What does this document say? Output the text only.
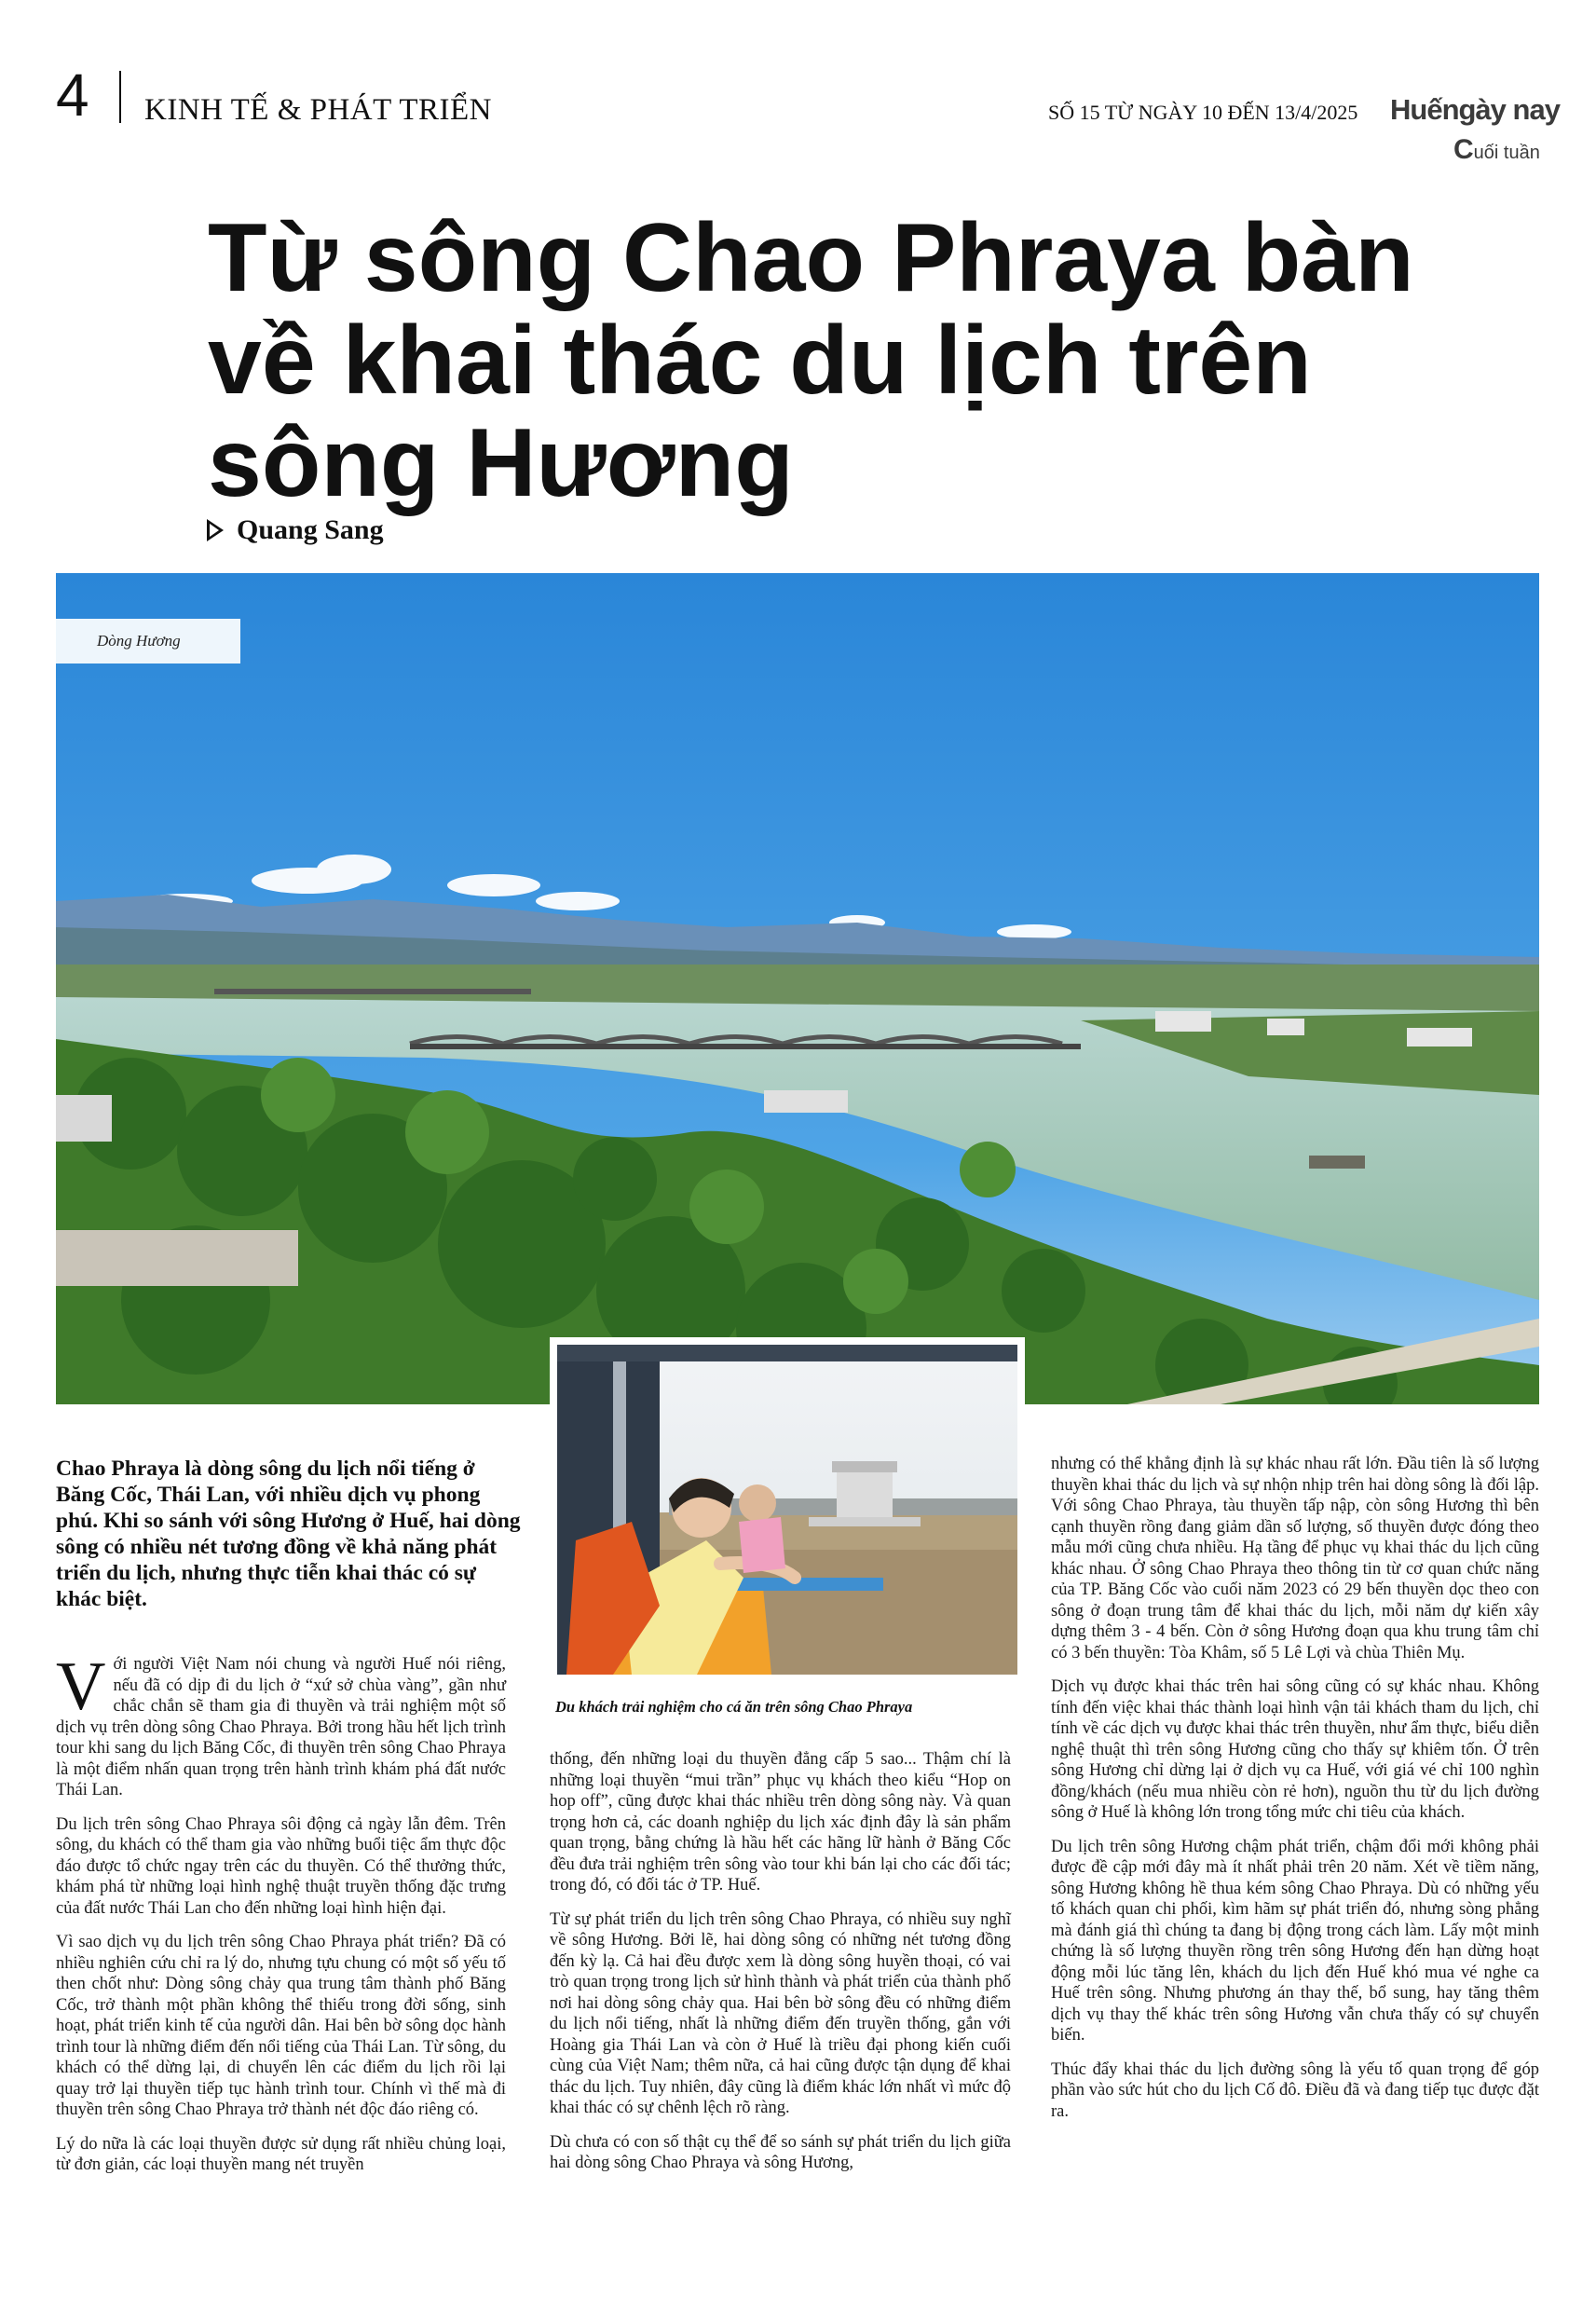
4 KINH TẾ & PHÁT TRIỂN	SỐ 15 TỪ NGÀY 10 ĐẾN 13/4/2025 Huếngày nay
Cuối tuần
Từ sông Chao Phraya bàn về khai thác du lịch trên sông Hương
Quang Sang
Dòng Hương
Du khách trải nghiệm cho cá ăn trên sông Chao Phraya
Chao Phraya là dòng sông du lịch nổi tiếng ở Băng Cốc, Thái Lan, với nhiều dịch vụ phong phú. Khi so sánh với sông Hương ở Huế, hai dòng sông có nhiều nét tương đồng về khả năng phát triển du lịch, nhưng thực tiễn khai thác có sự khác biệt.

Với người Việt Nam nói chung và người Huế nói riêng, nếu đã có dịp đi du lịch ở “xứ sở chùa vàng”, gần như chắc chắn sẽ tham gia đi thuyền và trải nghiệm một số dịch vụ trên dòng sông Chao Phraya. Bởi trong hầu hết lịch trình tour khi sang du lịch Băng Cốc, đi thuyền trên sông Chao Phraya là một điểm nhấn quan trọng trên hành trình khám phá đất nước Thái Lan.

Du lịch trên sông Chao Phraya sôi động cả ngày lẫn đêm. Trên sông, du khách có thể tham gia vào những buổi tiệc ẩm thực độc đáo được tổ chức ngay trên các du thuyền. Có thể thưởng thức, khám phá từ những loại hình nghệ thuật truyền thống đặc trưng của đất nước Thái Lan cho đến những loại hình hiện đại.

Vì sao dịch vụ du lịch trên sông Chao Phraya phát triển? Đã có nhiều nghiên cứu chỉ ra lý do, nhưng tựu chung có một số yếu tố then chốt như: Dòng sông chảy qua trung tâm thành phố Băng Cốc, trở thành một phần không thể thiếu trong đời sống, sinh hoạt, phát triển kinh tế của người dân. Hai bên bờ sông dọc hành trình tour là những điểm đến nổi tiếng của Thái Lan. Từ sông, du khách có thể dừng lại, di chuyển lên các điểm du lịch rồi lại quay trở lại thuyền tiếp tục hành trình tour. Chính vì thế mà đi thuyền trên sông Chao Phraya trở thành nét độc đáo riêng có.

Lý do nữa là các loại thuyền được sử dụng rất nhiều chủng loại, từ đơn giản, các loại thuyền mang nét truyền

thống, đến những loại du thuyền đẳng cấp 5 sao... Thậm chí là những loại thuyền “mui trần” phục vụ khách theo kiểu “Hop on hop off”, cũng được khai thác nhiều trên dòng sông này. Và quan trọng hơn cả, các doanh nghiệp du lịch xác định đây là sản phẩm quan trọng, bằng chứng là hầu hết các hãng lữ hành ở Băng Cốc đều đưa trải nghiệm trên sông vào tour khi bán lại cho các đối tác; trong đó, có đối tác ở TP. Huế.

Từ sự phát triển du lịch trên sông Chao Phraya, có nhiều suy nghĩ về sông Hương. Bởi lẽ, hai dòng sông có những nét tương đồng đến kỳ lạ. Cả hai đều được xem là dòng sông huyền thoại, có vai trò quan trọng trong lịch sử hình thành và phát triển của thành phố nơi hai dòng sông chảy qua. Hai bên bờ sông đều có những điểm du lịch nổi tiếng, nhất là những điểm đến truyền thống, gắn với Hoàng gia Thái Lan và còn ở Huế là triều đại phong kiến cuối cùng của Việt Nam; thêm nữa, cả hai cũng được tận dụng để khai thác du lịch. Tuy nhiên, đây cũng là điểm khác lớn nhất vì mức độ khai thác có sự chênh lệch rõ ràng.

Dù chưa có con số thật cụ thể để so sánh sự phát triển du lịch giữa hai dòng sông Chao Phraya và sông Hương,

nhưng có thể khẳng định là sự khác nhau rất lớn. Đầu tiên là số lượng thuyền khai thác du lịch và sự nhộn nhịp trên hai dòng sông là đối lập. Với sông Chao Phraya, tàu thuyền tấp nập, còn sông Hương thì bên cạnh thuyền rồng đang giảm dần số lượng, số thuyền được đóng theo mẫu mới cũng chưa nhiều. Hạ tầng để phục vụ khai thác du lịch cũng khác nhau. Ở sông Chao Phraya theo thông tin từ cơ quan chức năng của TP. Băng Cốc vào cuối năm 2023 có 29 bến thuyền dọc theo con sông ở đoạn trung tâm để khai thác du lịch, mỗi năm dự kiến xây dựng thêm 3 - 4 bến. Còn ở sông Hương đoạn qua khu trung tâm chỉ có 3 bến thuyền: Tòa Khâm, số 5 Lê Lợi và chùa Thiên Mụ.

Dịch vụ được khai thác trên hai sông cũng có sự khác nhau. Không tính đến việc khai thác thành loại hình vận tải khách tham du lịch, chỉ tính về các dịch vụ được khai thác trên thuyền, như ẩm thực, biểu diễn nghệ thuật thì trên sông Hương cũng cho thấy sự khiêm tốn. Ở trên sông Hương chỉ dừng lại ở dịch vụ ca Huế, với giá vé chỉ 100 nghìn đồng/khách (nếu mua nhiều còn rẻ hơn), nguồn thu từ du lịch đường sông ở Huế là không lớn trong tổng mức chi tiêu của khách.

Du lịch trên sông Hương chậm phát triển, chậm đổi mới không phải được đề cập mới đây mà ít nhất phải trên 20 năm. Xét về tiềm năng, sông Hương không hề thua kém sông Chao Phraya. Dù có những yếu tố khách quan chi phối, kìm hãm sự phát triển đó, nhưng sòng phẳng mà đánh giá thì chúng ta đang bị động trong cách làm. Lấy một minh chứng là số lượng thuyền rồng trên sông Hương đến hạn dừng hoạt động mỗi lúc tăng lên, khách du lịch đến Huế khó mua vé nghe ca Huế trên sông. Nhưng phương án thay thế, bổ sung, hay tăng thêm dịch vụ thay thế khác trên sông Hương vẫn chưa thấy có sự chuyển biến.

Thúc đẩy khai thác du lịch đường sông là yếu tố quan trọng để góp phần vào sức hút cho du lịch Cố đô. Điều đã và đang tiếp tục được đặt ra.
